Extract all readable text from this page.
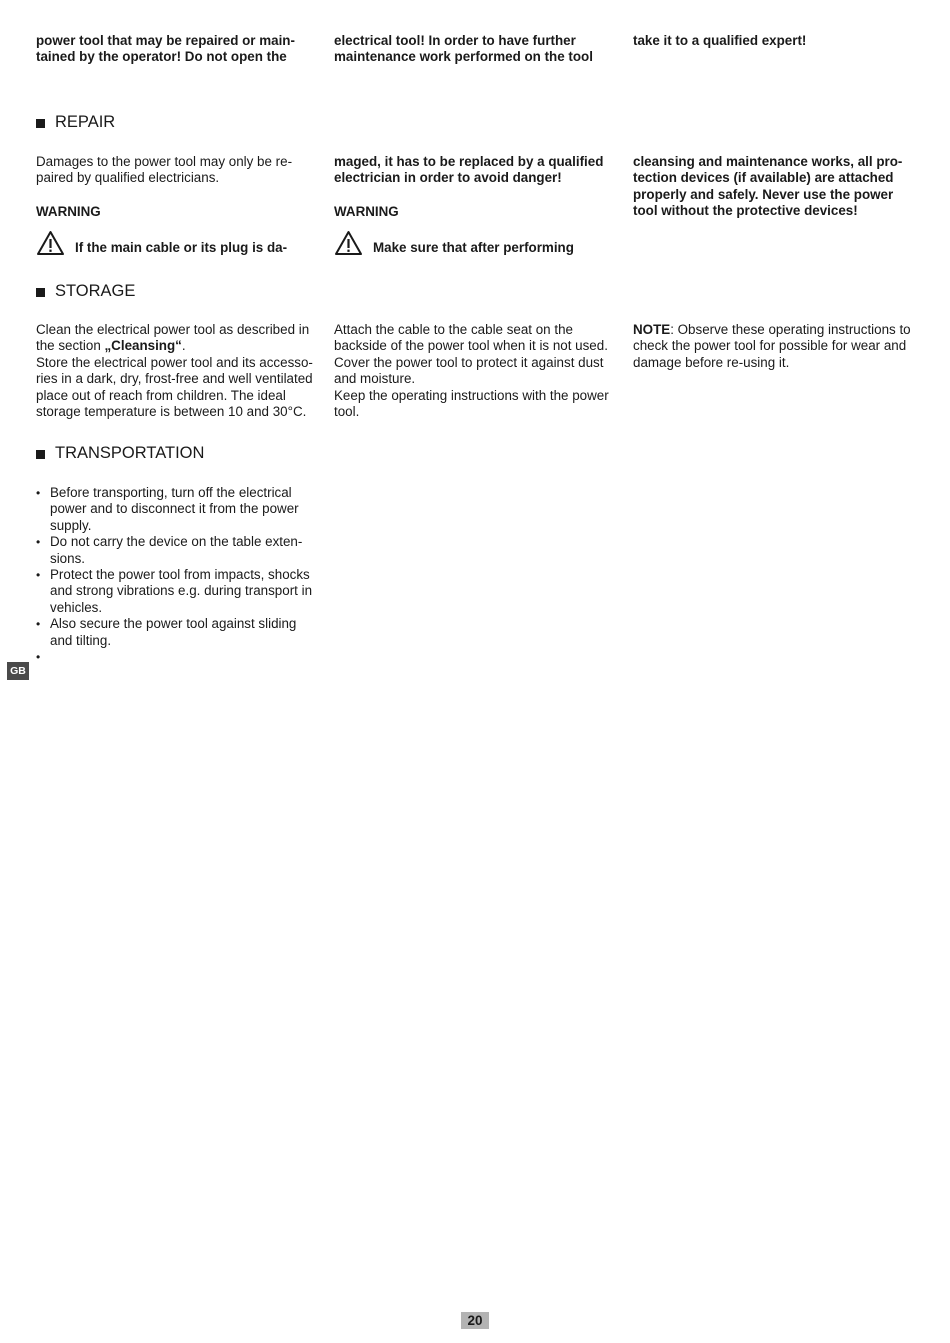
power tool that may be repaired or main-tained by the operator! Do not open the
electrical tool! In order to have further maintenance work performed on the tool
take it to a qualified expert!
REPAIR

Damages to the power tool may only be re-paired by qualified electricians.

WARNING

If the main cable or its plug is da-

maged, it has to be replaced by a qualified electrician in order to avoid danger!

WARNING

Make sure that after performing
cleansing and maintenance works, all pro-tection devices (if available) are attached properly and safely. Never use the power tool without the protective devices!
STORAGE

Clean the electrical power tool as described in the section „Cleansing“.

Store the electrical power tool and its accesso-ries in a dark, dry, frost-free and well ventilated place out of reach from children. The ideal storage temperature is between 10 and 30°C.

Attach the cable to the cable seat on the backside of the power tool when it is not used.

Cover the power tool to protect it against dust and moisture.

Keep the operating instructions with the power tool.

NOTE: Observe these operating instructions to check the power tool for possible for wear and damage before re-using it.

TRANSPORTATION
• Before transporting, turn off the electrical power and to disconnect it from the power supply.
• Do not carry the device on the table exten-sions.
• Protect the power tool from impacts, shocks and strong vibrations e.g. during transport in vehicles.
• Also secure the power tool against sliding and tilting.
•
GB
20
